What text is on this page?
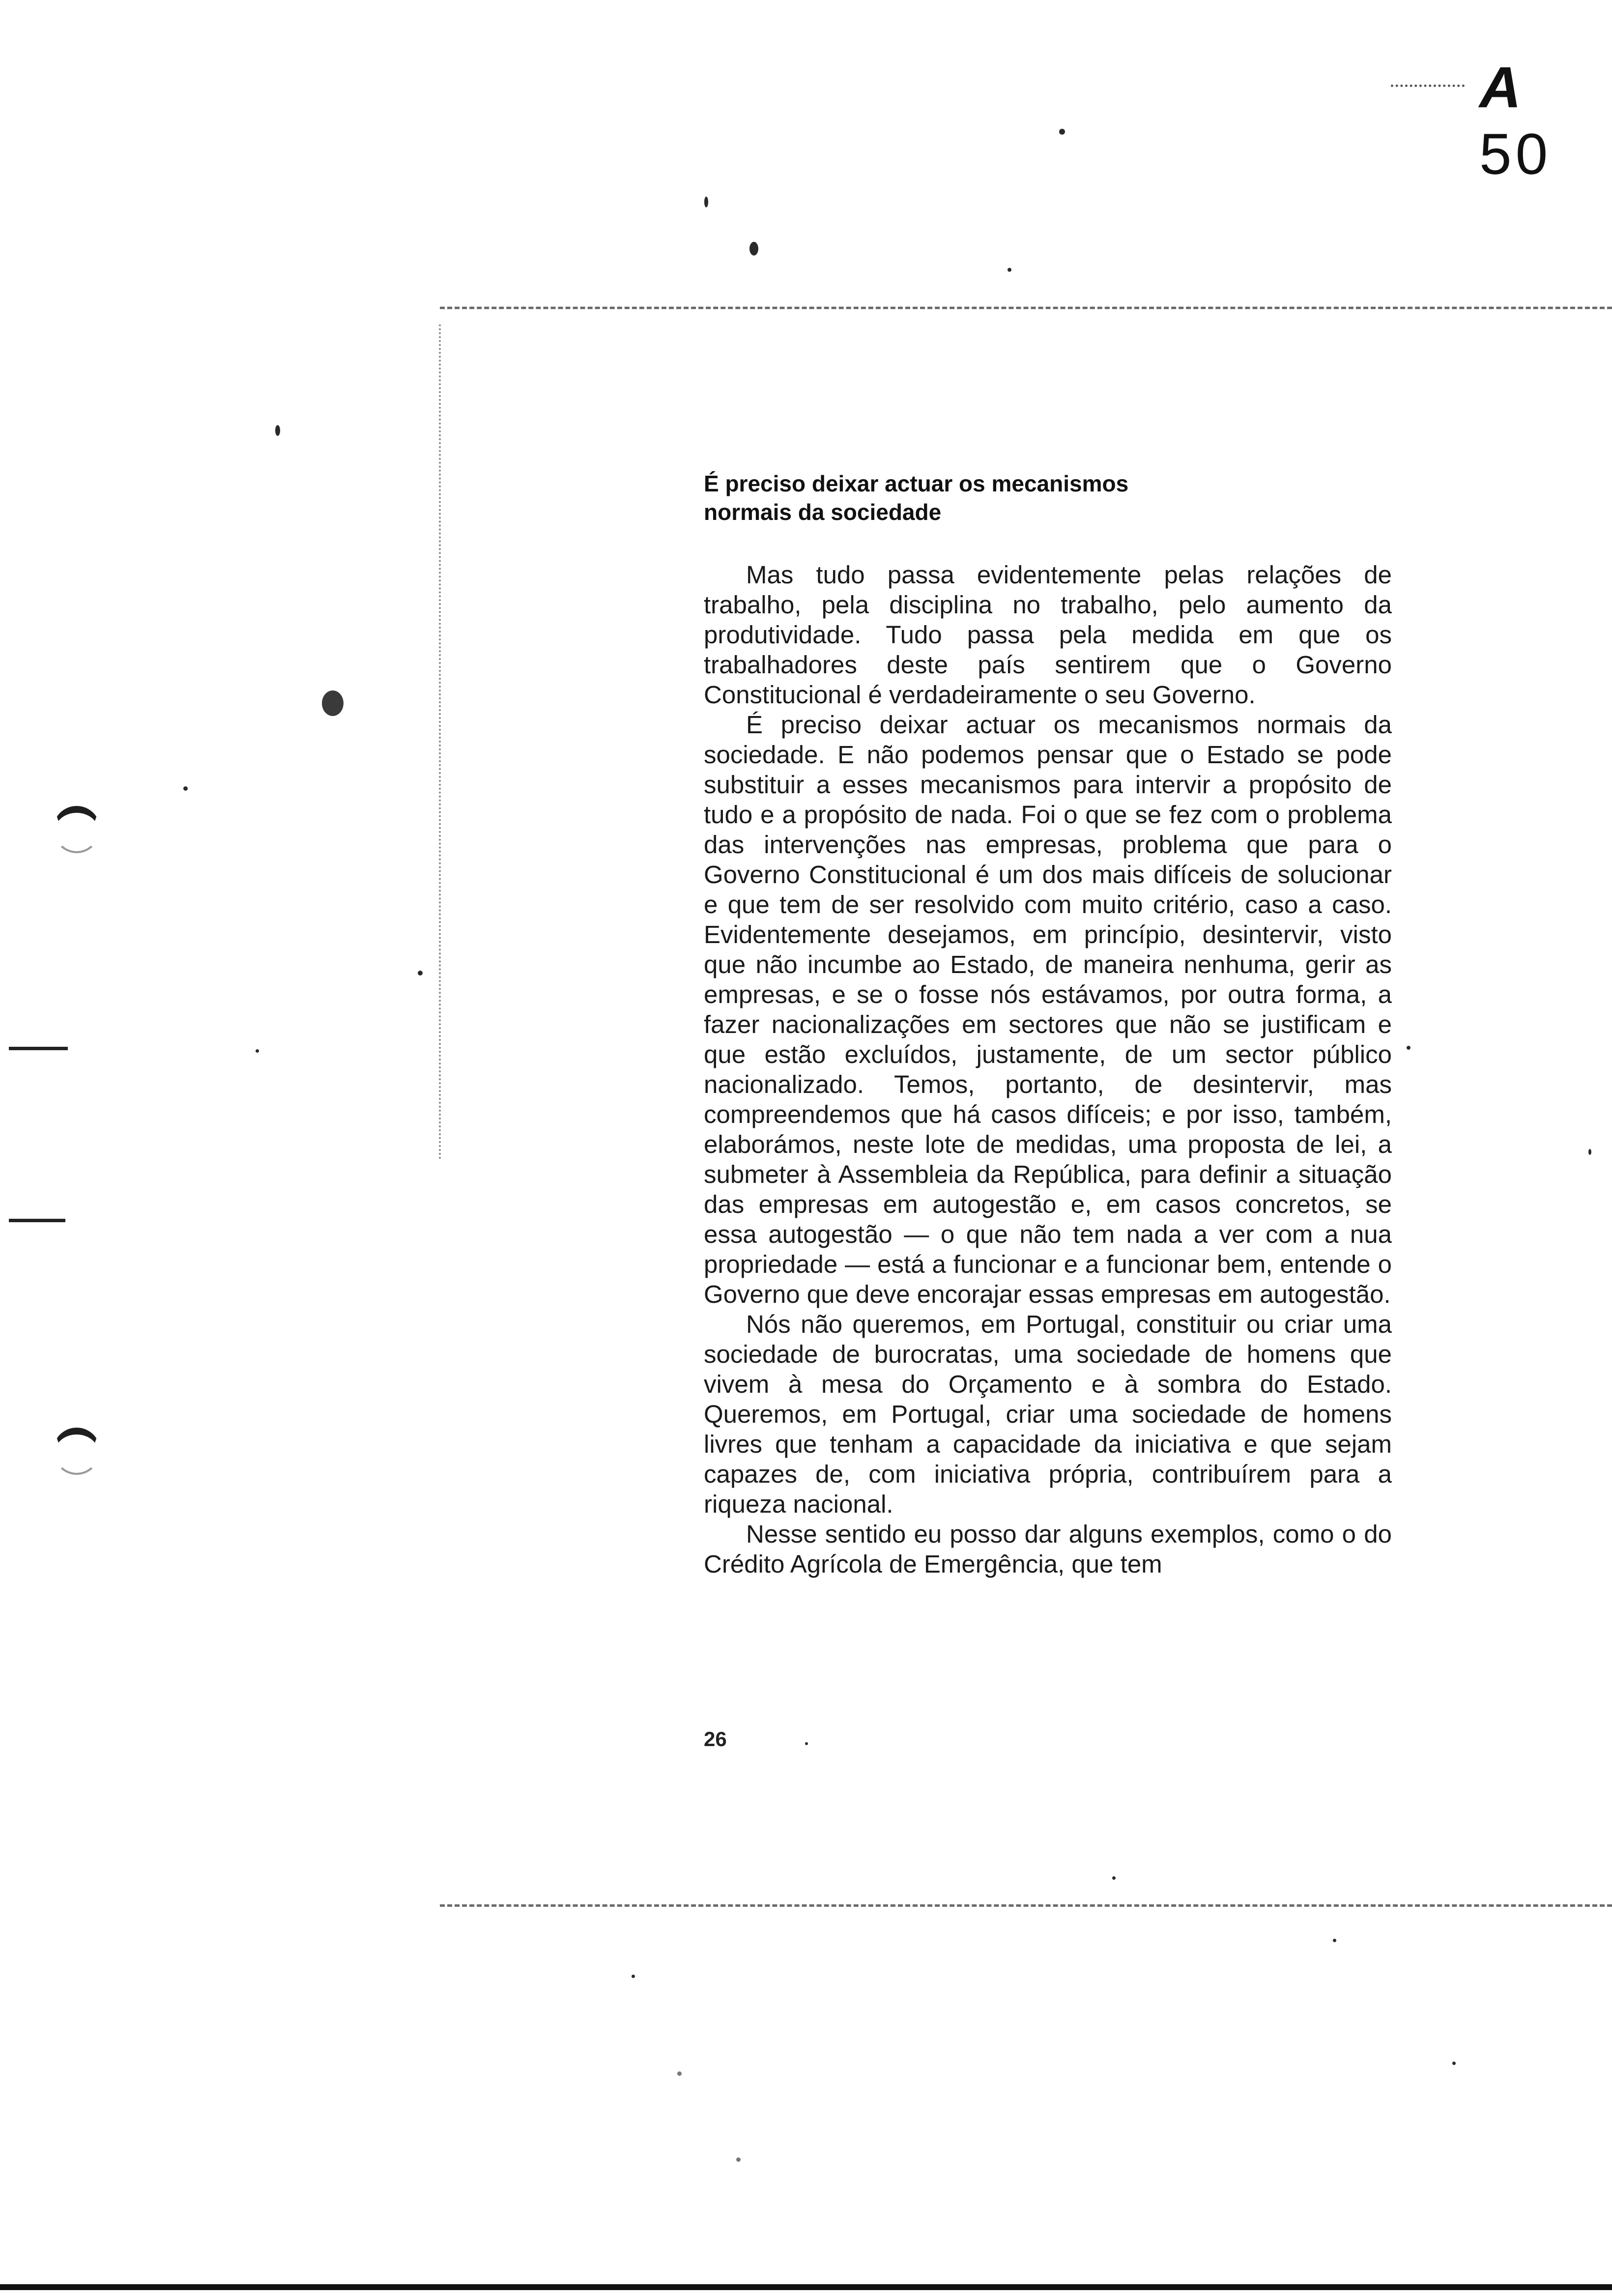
A 50
É preciso deixar actuar os mecanismos
normais da sociedade

Mas tudo passa evidentemente pelas relações de trabalho, pela disciplina no trabalho, pelo aumento da produtividade. Tudo passa pela medida em que os trabalhadores deste país sentirem que o Governo Constitucional é verdadeiramente o seu Governo.

É preciso deixar actuar os mecanismos normais da sociedade. E não podemos pensar que o Estado se pode substituir a esses mecanismos para intervir a propósito de tudo e a propósito de nada. Foi o que se fez com o problema das intervenções nas empresas, problema que para o Governo Constitucional é um dos mais difíceis de solucionar e que tem de ser resolvido com muito critério, caso a caso. Evidentemente desejamos, em princípio, desintervir, visto que não incumbe ao Estado, de maneira nenhuma, gerir as empresas, e se o fosse nós estávamos, por outra forma, a fazer nacionalizações em sectores que não se justificam e que estão excluídos, justamente, de um sector público nacionalizado. Temos, portanto, de desintervir, mas compreendemos que há casos difíceis; e por isso, também, elaborámos, neste lote de medidas, uma proposta de lei, a submeter à Assembleia da República, para definir a situação das empresas em autogestão e, em casos concretos, se essa autogestão — o que não tem nada a ver com a nua propriedade — está a funcionar e a funcionar bem, entende o Governo que deve encorajar essas empresas em autogestão.

Nós não queremos, em Portugal, constituir ou criar uma sociedade de burocratas, uma sociedade de homens que vivem à mesa do Orçamento e à sombra do Estado. Queremos, em Portugal, criar uma sociedade de homens livres que tenham a capacidade da iniciativa e que sejam capazes de, com iniciativa própria, contribuírem para a riqueza nacional.

Nesse sentido eu posso dar alguns exemplos, como o do Crédito Agrícola de Emergência, que tem

26
